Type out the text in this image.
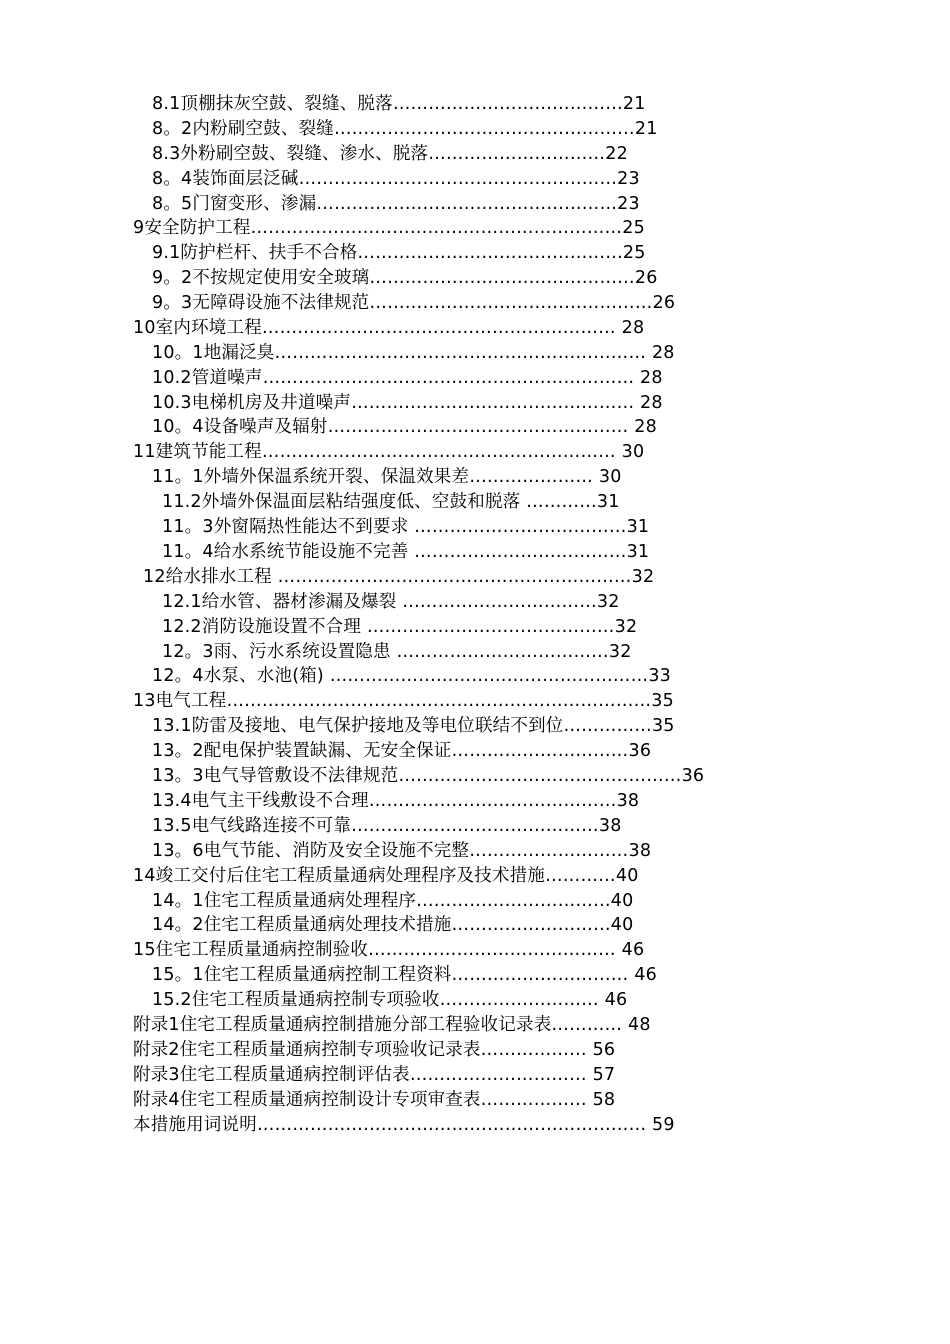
8.1顶棚抹灰空鼓、裂缝、脱落…………………………………21
8。2内粉刷空鼓、裂缝……………………………………………21
8.3外粉刷空鼓、裂缝、渗水、脱落…………………………22
8。4装饰面层泛碱………………………………………………23
8。5门窗变形、渗漏……………………………………………23
9安全防护工程………………………………………………………25
9.1防护栏杆、扶手不合格………………………………………25
9。2不按规定使用安全玻璃………………………………………26
9。3无障碍设施不法律规范…………………………………………26
10室内环境工程…………………………………………………… 28
10。1地漏泛臭……………………………………………………… 28
10.2管道噪声……………………………………………………… 28
10.3电梯机房及井道噪声………………………………………… 28
10。4设备噪声及辐射…………………………………………… 28
11建筑节能工程…………………………………………………… 30
11。1外墙外保温系统开裂、保温效果差………………… 30
11.2外墙外保温面层粘结强度低、空鼓和脱落 …………31
11。3外窗隔热性能达不到要求 ………………………………31
11。4给水系统节能设施不完善 ………………………………31
12给水排水工程 ……………………………………………………32
12.1给水管、器材渗漏及爆裂 ……………………………32
12.2消防设施设置不合理 ……………………………………32
12。3雨、污水系统设置隐患 ………………………………32
12。4水泵、水池(箱) ………………………………………………33
13电气工程………………………………………………………………35
13.1防雷及接地、电气保护接地及等电位联结不到位……………35
13。2配电保护装置缺漏、无安全保证…………………………36
13。3电气导管敷设不法律规范…………………………………………36
13.4电气主干线敷设不合理……………………………………38
13.5电气线路连接不可靠……………………………………38
13。6电气节能、消防及安全设施不完整………………………38
14竣工交付后住宅工程质量通病处理程序及技术措施…………40
14。1住宅工程质量通病处理程序……………………………40
14。2住宅工程质量通病处理技术措施………………………40
15住宅工程质量通病控制验收…………………………………… 46
15。1住宅工程质量通病控制工程资料………………………… 46
15.2住宅工程质量通病控制专项验收……………………… 46
附录1住宅工程质量通病控制措施分部工程验收记录表………… 48
附录2住宅工程质量通病控制专项验收记录表……………… 56
附录3住宅工程质量通病控制评估表………………………… 57
附录4住宅工程质量通病控制设计专项审查表……………… 58
本措施用词说明………………………………………………………… 59
